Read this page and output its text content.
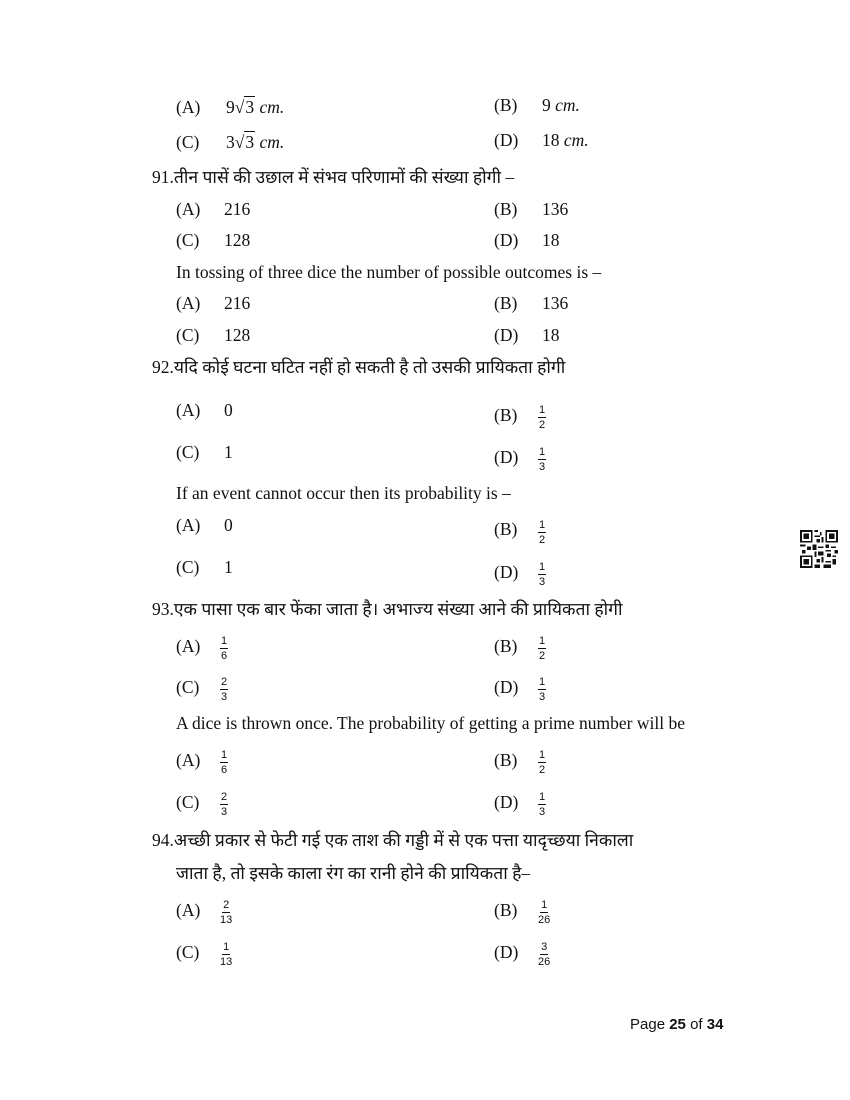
(A) 9√3 cm.	(B) 9 cm.
(C) 3√3 cm.	(D) 18 cm.
91.तीन पासें की उछाल में संभव परिणामों की संख्या होगी –
(A) 216	(B) 136
(C) 128	(D) 18
In tossing of three dice the number of possible outcomes is –
(A) 216	(B) 136
(C) 128	(D) 18
92.यदि कोई घटना घटित नहीं हो सकती है तो उसकी प्रायिकता होगी
(A) 0	$(B) \frac{1}{2}$
(C) 1	$(D) \frac{1}{3}$
If an event cannot occur then its probability is –
(A) 0	$(B) \frac{1}{2}$
(C) 1	$(D) \frac{1}{3}$
93.एक पासा एक बार फेंका जाता है। अभाज्य संख्या आने की प्रायिकता होगी
$(A) \frac{1}{6}$	$(B) \frac{1}{2}$
$(C) \frac{2}{3}$	$(D) \frac{1}{3}$
A dice is thrown once. The probability of getting a prime number will be
$(A) \frac{1}{6}$	$(B) \frac{1}{2}$
$(C) \frac{2}{3}$	$(D) \frac{1}{3}$
94.अच्छी प्रकार से फेटी गई एक ताश की गड्डी में से एक पत्ता यादृच्छया निकाला
जाता है, तो इसके काला रंग का रानी होने की प्रायिकता है–
$(A) \frac{2}{13}$	$(B) \frac{1}{26}$
$(C) \frac{1}{13}$	$(D) \frac{3}{26}$
Page 25 of 34
